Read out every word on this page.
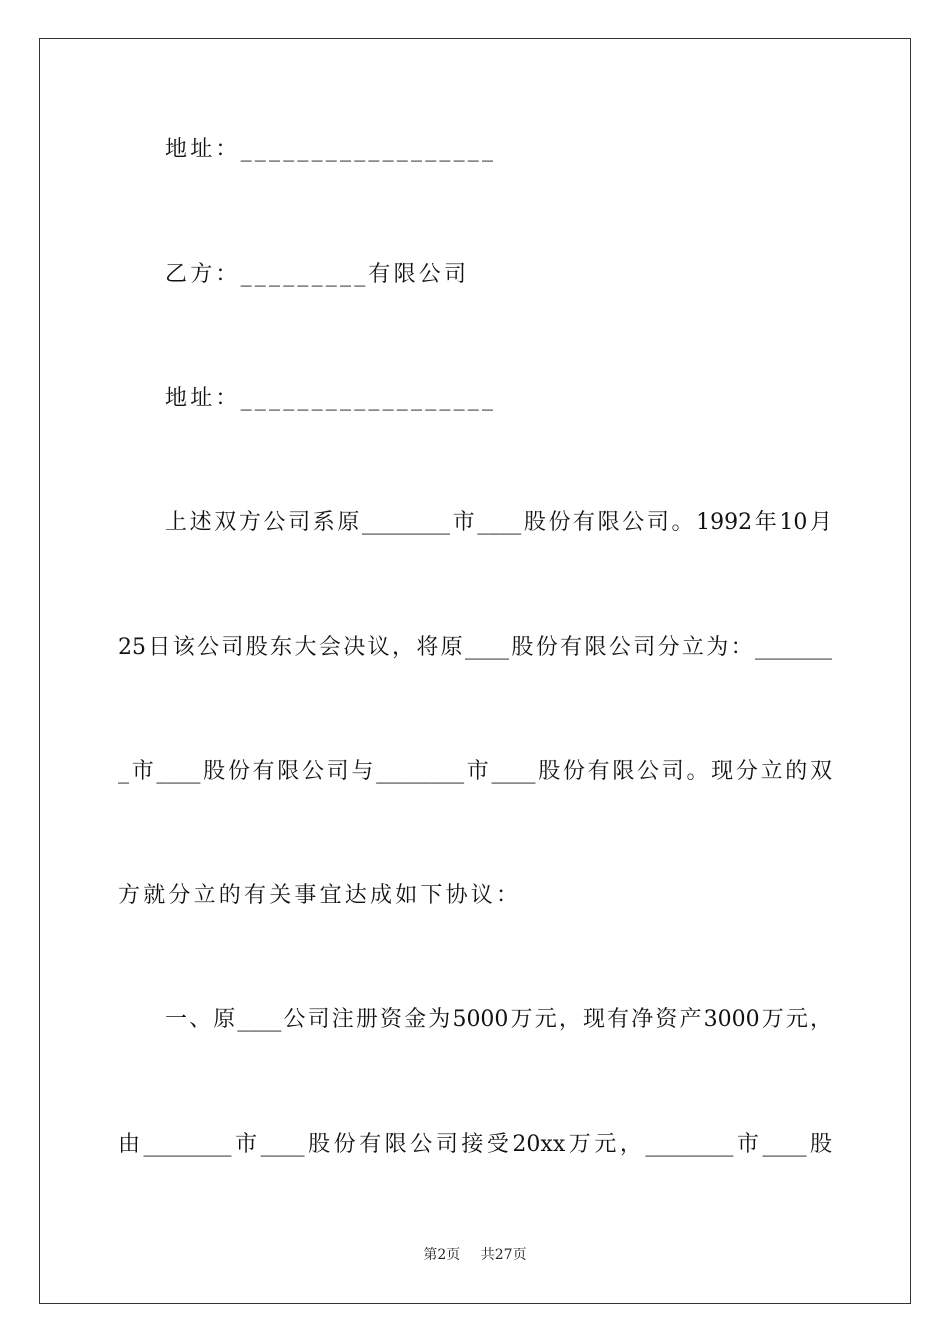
地址：__________________
乙方：_________有限公司
地址：__________________
上述双方公司系原________市____股份有限公司。1992年10月
25日该公司股东大会决议，将原____股份有限公司分立为：_______
_市____股份有限公司与________市____股份有限公司。现分立的双
方就分立的有关事宜达成如下协议：
一、原____公司注册资金为5000万元，现有净资产3000万元，
由________市____股份有限公司接受20xx万元，________市____股
第2页 共27页
